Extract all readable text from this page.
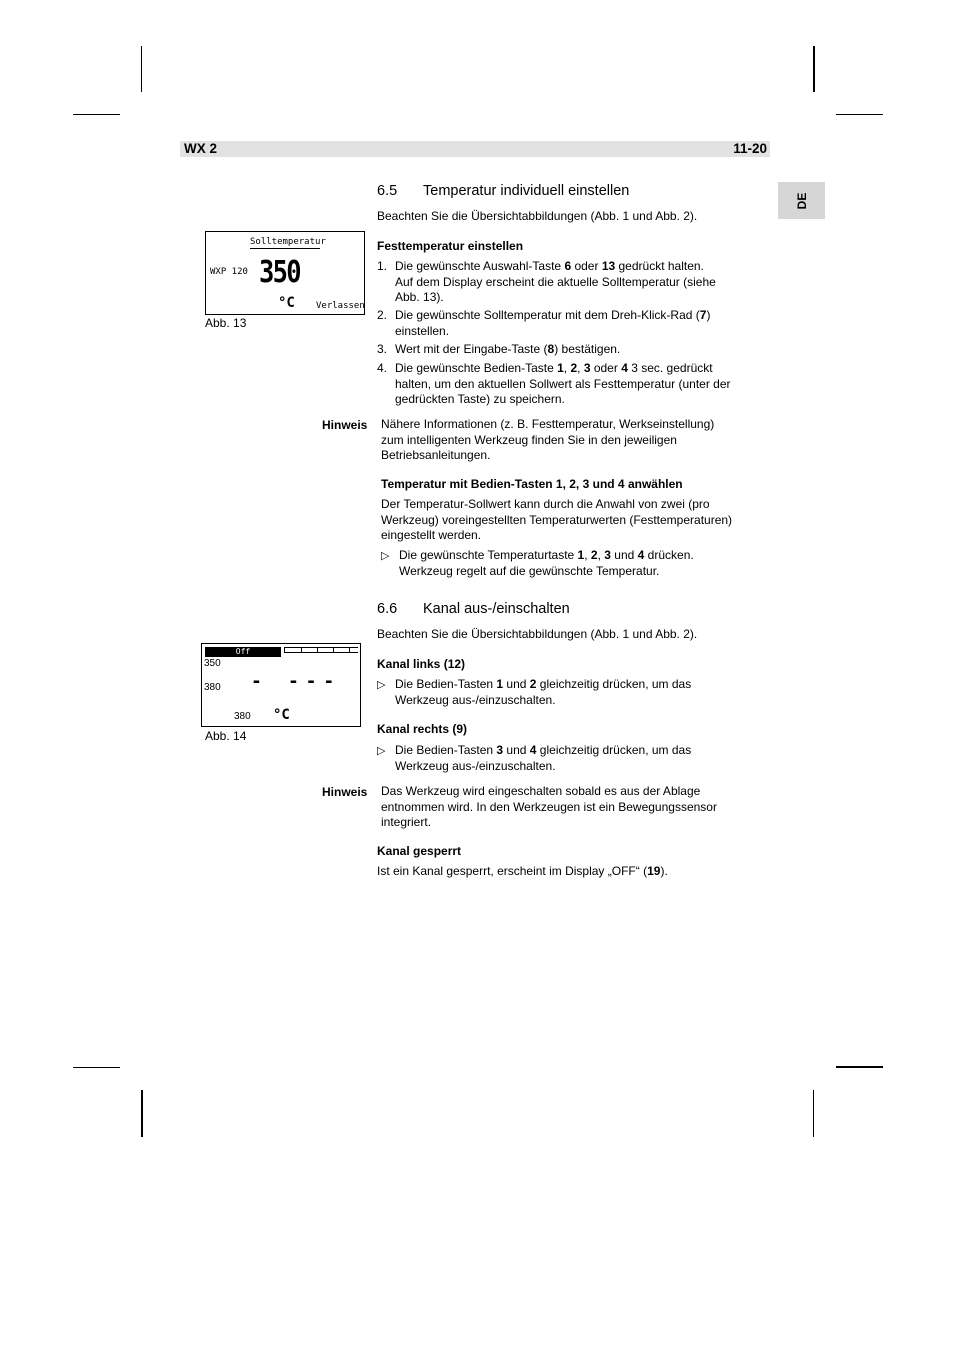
WX 2	11-20
DE
6.5 Temperatur individuell einstellen
Beachten Sie die Übersichtabbildungen (Abb. 1 und Abb. 2).
Festtemperatur einstellen
1. Die gewünschte Auswahl-Taste 6 oder 13 gedrückt halten.
Auf dem Display erscheint die aktuelle Solltemperatur (siehe
Abb. 13).
2. Die gewünschte Solltemperatur mit dem Dreh-Klick-Rad (7)
einstellen.
3. Wert mit der Eingabe-Taste (8) bestätigen.
4. Die gewünschte Bedien-Taste 1, 2, 3 oder 4 3 sec. gedrückt
halten, um den aktuellen Sollwert als Festtemperatur (unter der
gedrückten Taste) zu speichern.
Hinweis Nähere Informationen (z. B. Festtemperatur, Werkseinstellung)
zum intelligenten Werkzeug finden Sie in den jeweiligen
Betriebsanleitungen.
Temperatur mit Bedien-Tasten 1, 2, 3 und 4 anwählen
Der Temperatur-Sollwert kann durch die Anwahl von zwei (pro
Werkzeug) voreingestellten Temperaturwerten (Festtemperaturen)
eingestellt werden.
▷ Die gewünschte Temperaturtaste 1, 2, 3 und 4 drücken.
Werkzeug regelt auf die gewünschte Temperatur.
Solltemperatur
WXP 120 350
°C Verlassen
Abb. 13
6.6 Kanal aus-/einschalten
Beachten Sie die Übersichtabbildungen (Abb. 1 und Abb. 2).
Kanal links (12)
▷ Die Bedien-Tasten 1 und 2 gleichzeitig drücken, um das
Werkzeug aus-/einzuschalten.
Kanal rechts (9)
▷ Die Bedien-Tasten 3 und 4 gleichzeitig drücken, um das
Werkzeug aus-/einzuschalten.
Hinweis Das Werkzeug wird eingeschalten sobald es aus der Ablage
entnommen wird. In den Werkzeugen ist ein Bewegungssensor
integriert.
Kanal gesperrt
Ist ein Kanal gesperrt, erscheint im Display „OFF“ (19).
Off
350
380 - - - -
380 °C
Abb. 14
